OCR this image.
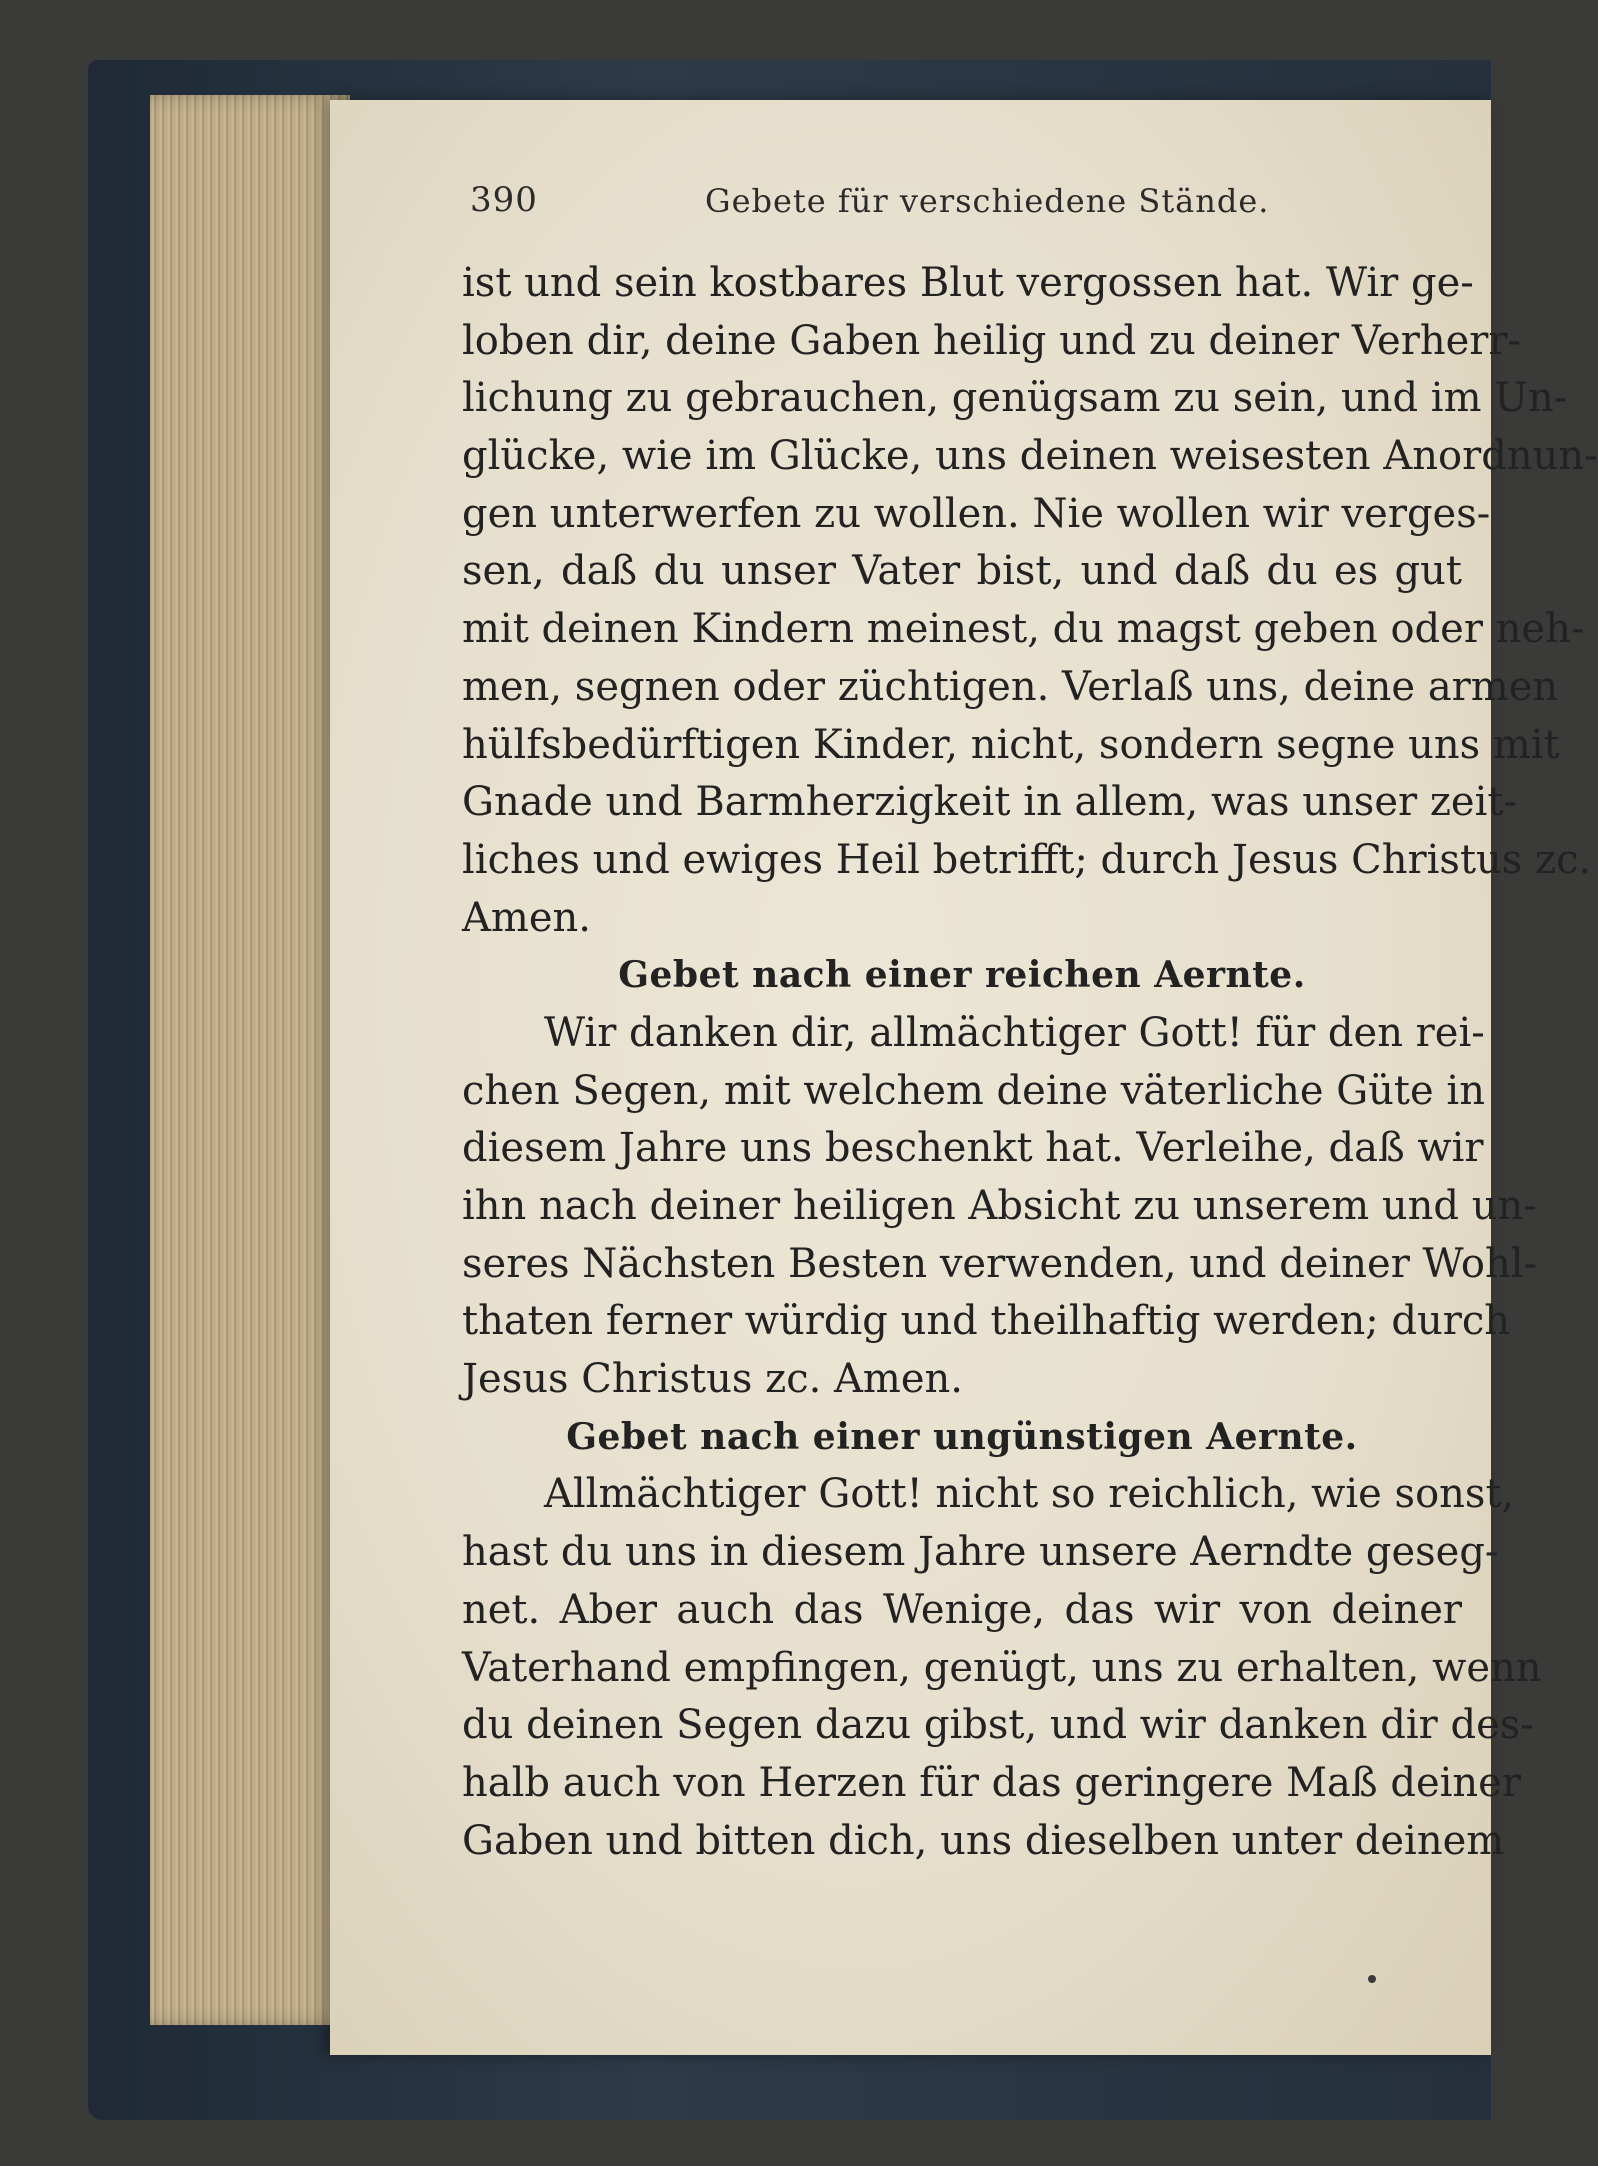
390	Gebete für verschiedene Stände.
ist und sein kostbares Blut vergossen hat. Wir ge-
loben dir, deine Gaben heilig und zu deiner Verherr-
lichung zu gebrauchen, genügsam zu sein, und im Un-
glücke, wie im Glücke, uns deinen weisesten Anordnun-
gen unterwerfen zu wollen. Nie wollen wir verges-
sen, daß du unser Vater bist, und daß du es gut
mit deinen Kindern meinest, du magst geben oder neh-
men, segnen oder züchtigen. Verlaß uns, deine armen
hülfsbedürftigen Kinder, nicht, sondern segne uns mit
Gnade und Barmherzigkeit in allem, was unser zeit-
liches und ewiges Heil betrifft; durch Jesus Christus zc.
Amen.
Gebet nach einer reichen Aernte.
Wir danken dir, allmächtiger Gott! für den rei-
chen Segen, mit welchem deine väterliche Güte in
diesem Jahre uns beschenkt hat. Verleihe, daß wir
ihn nach deiner heiligen Absicht zu unserem und un-
seres Nächsten Besten verwenden, und deiner Wohl-
thaten ferner würdig und theilhaftig werden; durch
Jesus Christus zc. Amen.
Gebet nach einer ungünstigen Aernte.
Allmächtiger Gott! nicht so reichlich, wie sonst,
hast du uns in diesem Jahre unsere Aerndte geseg-
net. Aber auch das Wenige, das wir von deiner
Vaterhand empfingen, genügt, uns zu erhalten, wenn
du deinen Segen dazu gibst, und wir danken dir des-
halb auch von Herzen für das geringere Maß deiner
Gaben und bitten dich, uns dieselben unter deinem
